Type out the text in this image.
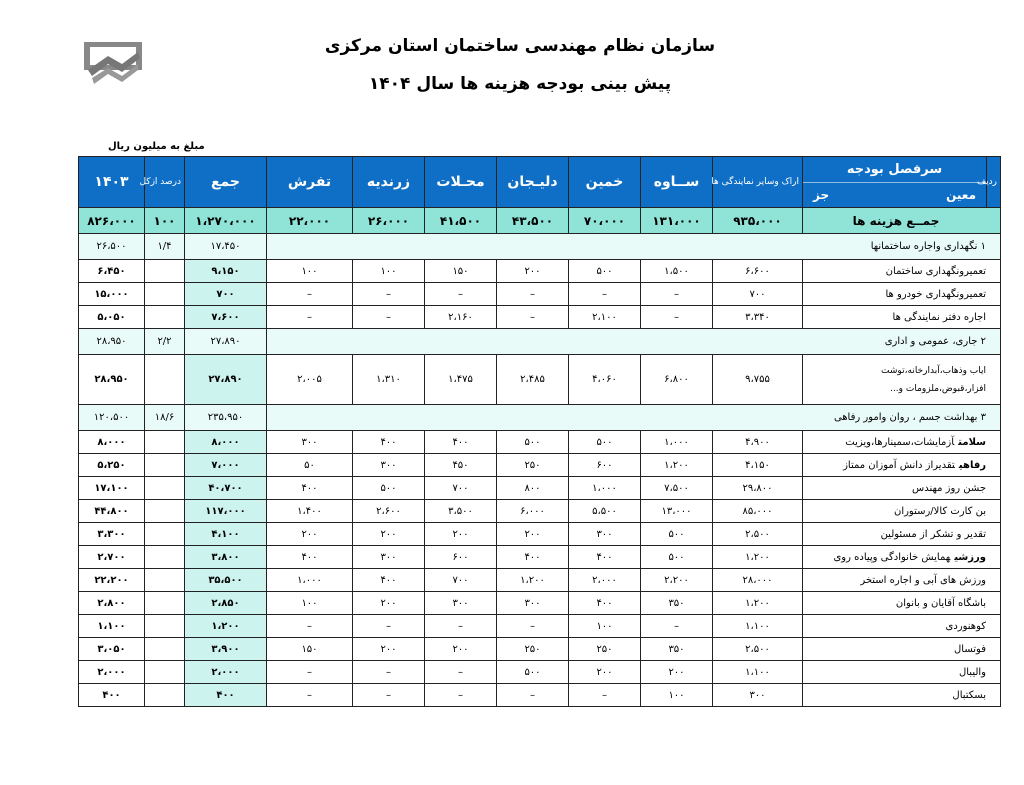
سازمان نظام مهندسی ساختمان استان مرکزی
پیش بینی بودجه هزینه ها سال ۱۴۰۴
مبلغ به میلیون ریال
ردیف	سرفصل بودجه
معین
جز	اراک وسایر نمایندگی ها	ســاوه	خمین	دلیـجان	محـلات	زرندیه	تفرش	جمع	درصد ازکل	۱۴۰۳
جمــع هزینه ها		۹۳۵،۰۰۰	۱۳۱،۰۰۰	۷۰،۰۰۰	۴۳،۵۰۰	۴۱،۵۰۰	۲۶،۰۰۰	۲۲،۰۰۰	۱،۲۷۰،۰۰۰	۱۰۰	۸۲۶،۰۰۰
۱ نگهداری واجاره ساختمانها									۱۷،۴۵۰	۱/۴	۲۶،۵۰۰
تعمیرونگهداری ساختمان		۶،۶۰۰	۱،۵۰۰	۵۰۰	۲۰۰	۱۵۰	۱۰۰	۱۰۰	۹،۱۵۰		۶،۴۵۰
تعمیرونگهداری خودرو ها		۷۰۰	–	–	–	–	–	–	۷۰۰		۱۵،۰۰۰
اجاره دفتر نمایندگی ها		۳،۳۴۰	–	۲،۱۰۰	–	۲،۱۶۰	–	–	۷،۶۰۰		۵،۰۵۰
۲ جاری، عمومی و اداری									۲۷،۸۹۰	۲/۲	۲۸،۹۵۰
ایاب وذهاب،آبدارخانه،توشت افزار،قبوض،ملزومات و...		۹،۷۵۵	۶،۸۰۰	۴،۰۶۰	۲،۴۸۵	۱،۴۷۵	۱،۳۱۰	۲،۰۰۵	۲۷،۸۹۰		۲۸،۹۵۰
۳ بهداشت جسم ، روان وامور رفاهی									۲۳۵،۹۵۰	۱۸/۶	۱۲۰،۵۰۰
سلامتآزمایشات،سمینارها،ویزیت		۴،۹۰۰	۱،۰۰۰	۵۰۰	۵۰۰	۴۰۰	۴۰۰	۳۰۰	۸،۰۰۰		۸،۰۰۰
رفاهیتقدیراز دانش آموزان ممتاز		۴،۱۵۰	۱،۲۰۰	۶۰۰	۲۵۰	۴۵۰	۳۰۰	۵۰	۷،۰۰۰		۵،۲۵۰
جشن روز مهندس		۲۹،۸۰۰	۷،۵۰۰	۱،۰۰۰	۸۰۰	۷۰۰	۵۰۰	۴۰۰	۴۰،۷۰۰		۱۷،۱۰۰
بن کارت کالا/رستوران		۸۵،۰۰۰	۱۳،۰۰۰	۵،۵۰۰	۶،۰۰۰	۳،۵۰۰	۲،۶۰۰	۱،۴۰۰	۱۱۷،۰۰۰		۴۴،۸۰۰
تقدیر و تشکر از مسئولین		۲،۵۰۰	۵۰۰	۳۰۰	۲۰۰	۲۰۰	۲۰۰	۲۰۰	۴،۱۰۰		۳،۳۰۰
ورزشیهمایش خانوادگی وپیاده روی		۱،۲۰۰	۵۰۰	۴۰۰	۴۰۰	۶۰۰	۳۰۰	۴۰۰	۳،۸۰۰		۲،۷۰۰
ورزش های آبی و اجاره استخر		۲۸،۰۰۰	۲،۲۰۰	۲،۰۰۰	۱،۲۰۰	۷۰۰	۴۰۰	۱،۰۰۰	۳۵،۵۰۰		۲۲،۲۰۰
باشگاه آقایان و بانوان		۱،۲۰۰	۳۵۰	۴۰۰	۳۰۰	۳۰۰	۲۰۰	۱۰۰	۲،۸۵۰		۲،۸۰۰
کوهنوردی		۱،۱۰۰	–	۱۰۰	–	–	–	–	۱،۲۰۰		۱،۱۰۰
فوتسال		۲،۵۰۰	۳۵۰	۲۵۰	۲۵۰	۲۰۰	۲۰۰	۱۵۰	۳،۹۰۰		۳،۰۵۰
والیبال		۱،۱۰۰	۲۰۰	۲۰۰	۵۰۰	–	–	–	۲،۰۰۰		۲،۰۰۰
بسکتبال		۳۰۰	۱۰۰	–	–	–	–	–	۴۰۰		۴۰۰
